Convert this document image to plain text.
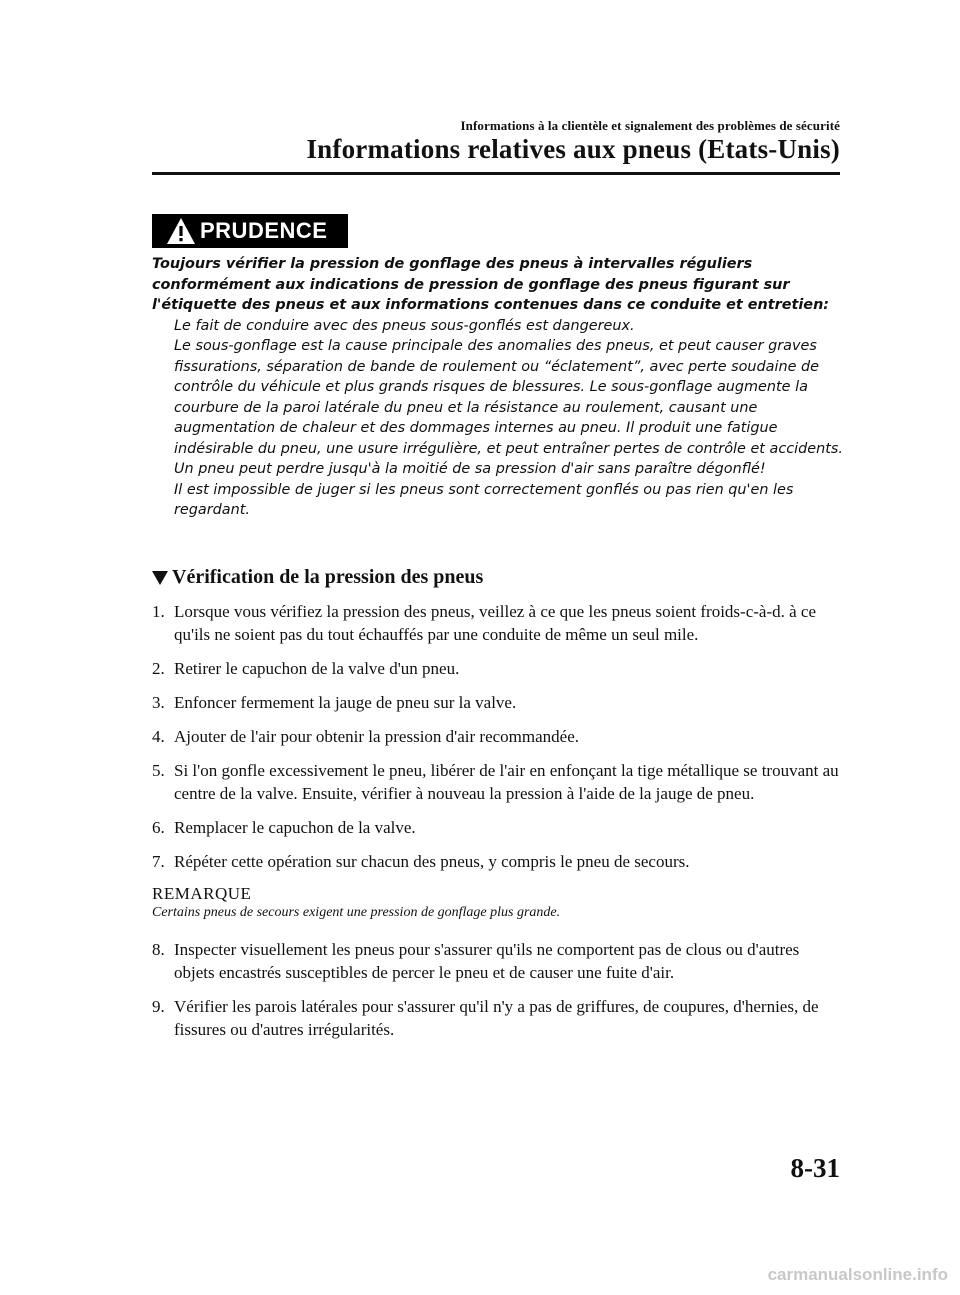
Informations à la clientèle et signalement des problèmes de sécurité
Informations relatives aux pneus (Etats-Unis)
PRUDENCE
Toujours vérifier la pression de gonflage des pneus à intervalles réguliers conformément aux indications de pression de gonflage des pneus figurant sur l'étiquette des pneus et aux informations contenues dans ce conduite et entretien:
Le fait de conduire avec des pneus sous-gonflés est dangereux.
Le sous-gonflage est la cause principale des anomalies des pneus, et peut causer graves fissurations, séparation de bande de roulement ou “éclatement”, avec perte soudaine de contrôle du véhicule et plus grands risques de blessures. Le sous-gonflage augmente la courbure de la paroi latérale du pneu et la résistance au roulement, causant une augmentation de chaleur et des dommages internes au pneu. Il produit une fatigue indésirable du pneu, une usure irrégulière, et peut entraîner pertes de contrôle et accidents. Un pneu peut perdre jusqu'à la moitié de sa pression d'air sans paraître dégonflé!
Il est impossible de juger si les pneus sont correctement gonflés ou pas rien qu'en les regardant.
Vérification de la pression des pneus
1. Lorsque vous vérifiez la pression des pneus, veillez à ce que les pneus soient froids-c-à-d. à ce qu'ils ne soient pas du tout échauffés par une conduite de même un seul mile.
2. Retirer le capuchon de la valve d'un pneu.
3. Enfoncer fermement la jauge de pneu sur la valve.
4. Ajouter de l'air pour obtenir la pression d'air recommandée.
5. Si l'on gonfle excessivement le pneu, libérer de l'air en enfonçant la tige métallique se trouvant au centre de la valve. Ensuite, vérifier à nouveau la pression à l'aide de la jauge de pneu.
6. Remplacer le capuchon de la valve.
7. Répéter cette opération sur chacun des pneus, y compris le pneu de secours.
REMARQUE
Certains pneus de secours exigent une pression de gonflage plus grande.
8. Inspecter visuellement les pneus pour s'assurer qu'ils ne comportent pas de clous ou d'autres objets encastrés susceptibles de percer le pneu et de causer une fuite d'air.
9. Vérifier les parois latérales pour s'assurer qu'il n'y a pas de griffures, de coupures, d'hernies, de fissures ou d'autres irrégularités.
8-31
carmanualsonline.info
